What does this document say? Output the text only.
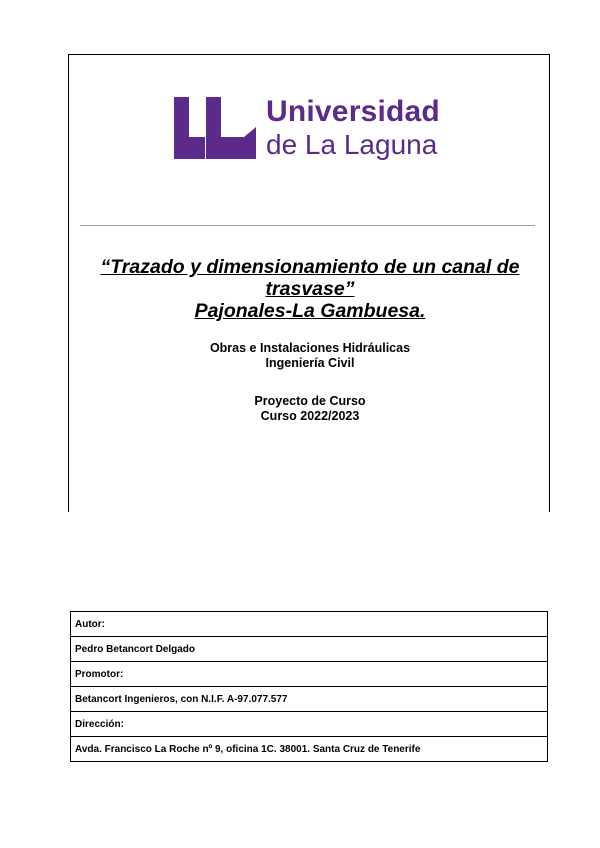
Universidad
de La Laguna
“Trazado y dimensionamiento de un canal de
trasvase”
Pajonales-La Gambuesa.
Obras e Instalaciones Hidráulicas
Ingeniería Civil
Proyecto de Curso
Curso 2022/2023
Autor:
Pedro Betancort Delgado
Promotor:
Betancort Ingenieros, con N.I.F. A-97.077.577
Dirección:
Avda. Francisco La Roche nº 9, oficina 1C. 38001. Santa Cruz de Tenerife
